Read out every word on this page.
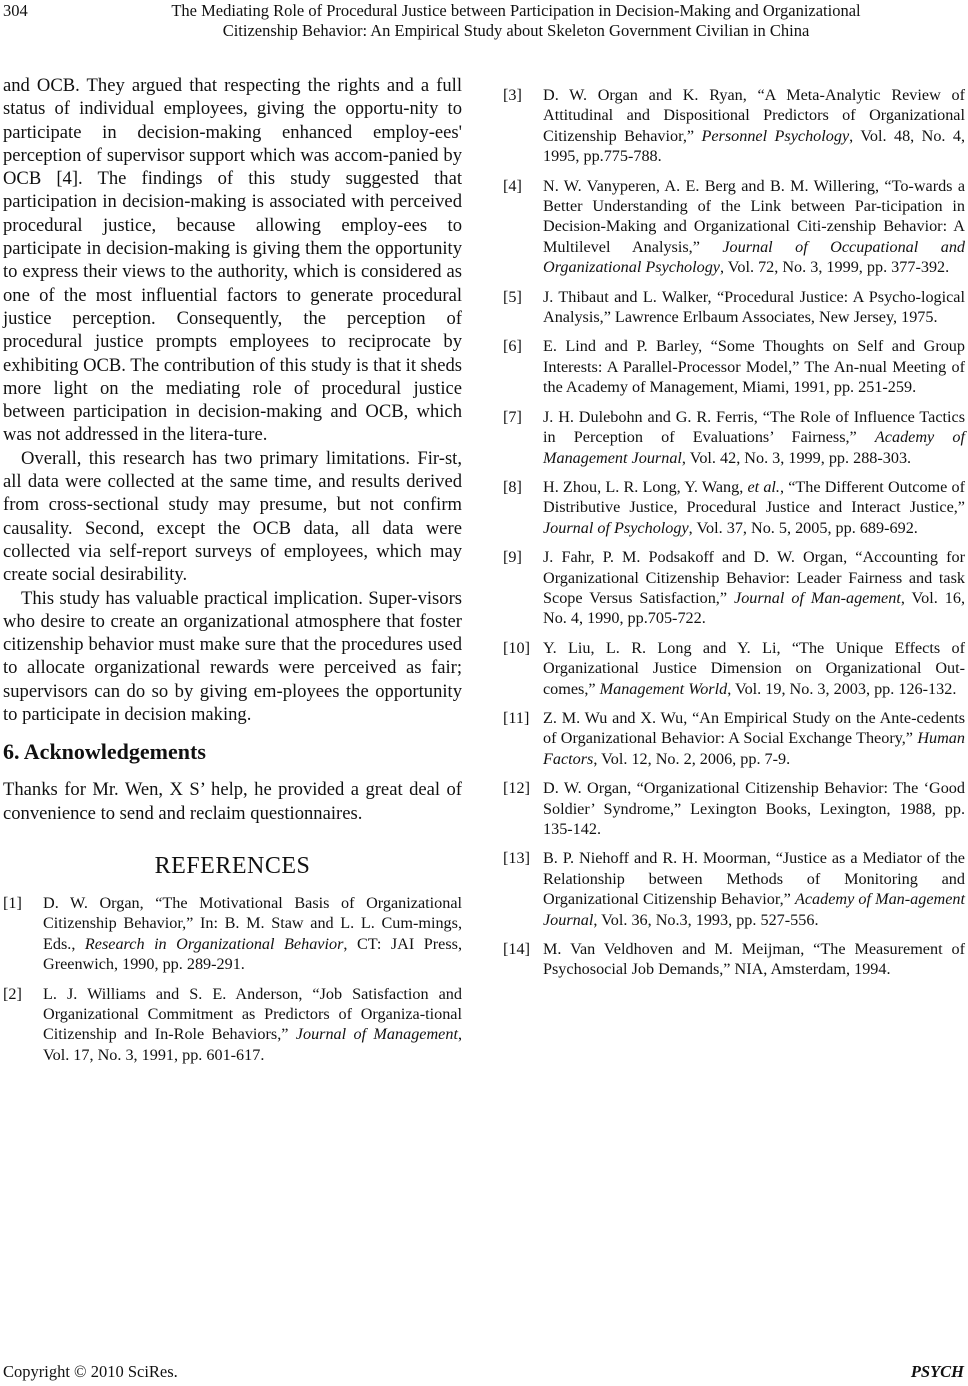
304	The Mediating Role of Procedural Justice between Participation in Decision-Making and Organizational
Citizenship Behavior: An Empirical Study about Skeleton Government Civilian in China

and OCB. They argued that respecting the rights and a full status of individual employees, giving the opportu-nity to participate in decision-making enhanced employ-ees' perception of supervisor support which was accom-panied by OCB [4]. The findings of this study suggested that participation in decision-making is associated with perceived procedural justice, because allowing employ-ees to participate in decision-making is giving them the opportunity to express their views to the authority, which is considered as one of the most influential factors to generate procedural justice perception. Consequently, the perception of procedural justice prompts employees to reciprocate by exhibiting OCB. The contribution of this study is that it sheds more light on the mediating role of procedural justice between participation in decision-making and OCB, which was not addressed in the litera-ture.

Overall, this research has two primary limitations. Fir-st, all data were collected at the same time, and results derived from cross-sectional study may presume, but not confirm causality. Second, except the OCB data, all data were collected via self-report surveys of employees, which may create social desirability.

This study has valuable practical implication. Super-visors who desire to create an organizational atmosphere that foster citizenship behavior must make sure that the procedures used to allocate organizational rewards were perceived as fair; supervisors can do so by giving em-ployees the opportunity to participate in decision making.

6. Acknowledgements

Thanks for Mr. Wen, X S’ help, he provided a great deal of convenience to send and reclaim questionnaires.

REFERENCES
[1] D. W. Organ, “The Motivational Basis of Organizational Citizenship Behavior,” In: B. M. Staw and L. L. Cum-mings, Eds., Research in Organizational Behavior, CT: JAI Press, Greenwich, 1990, pp. 289-291.
[2] L. J. Williams and S. E. Anderson, “Job Satisfaction and Organizational Commitment as Predictors of Organiza-tional Citizenship and In-Role Behaviors,” Journal of Management, Vol. 17, No. 3, 1991, pp. 601-617.
[3] D. W. Organ and K. Ryan, “A Meta-Analytic Review of Attitudinal and Dispositional Predictors of Organizational Citizenship Behavior,” Personnel Psychology, Vol. 48, No. 4, 1995, pp.775-788.
[4] N. W. Vanyperen, A. E. Berg and B. M. Willering, “To-wards a Better Understanding of the Link between Par-ticipation in Decision-Making and Organizational Citi-zenship Behavior: A Multilevel Analysis,” Journal of Occupational and Organizational Psychology, Vol. 72, No. 3, 1999, pp. 377-392.
[5] J. Thibaut and L. Walker, “Procedural Justice: A Psycho-logical Analysis,” Lawrence Erlbaum Associates, New Jersey, 1975.
[6] E. Lind and P. Barley, “Some Thoughts on Self and Group Interests: A Parallel-Processor Model,” The An-nual Meeting of the Academy of Management, Miami, 1991, pp. 251-259.
[7] J. H. Dulebohn and G. R. Ferris, “The Role of Influence Tactics in Perception of Evaluations’ Fairness,” Academy of Management Journal, Vol. 42, No. 3, 1999, pp. 288-303.
[8] H. Zhou, L. R. Long, Y. Wang, et al., “The Different Outcome of Distributive Justice, Procedural Justice and Interact Justice,” Journal of Psychology, Vol. 37, No. 5, 2005, pp. 689-692.
[9] J. Fahr, P. M. Podsakoff and D. W. Organ, “Accounting for Organizational Citizenship Behavior: Leader Fairness and task Scope Versus Satisfaction,” Journal of Man-agement, Vol. 16, No. 4, 1990, pp.705-722.
[10] Y. Liu, L. R. Long and Y. Li, “The Unique Effects of Organizational Justice Dimension on Organizational Out-comes,” Management World, Vol. 19, No. 3, 2003, pp. 126-132.
[11] Z. M. Wu and X. Wu, “An Empirical Study on the Ante-cedents of Organizational Behavior: A Social Exchange Theory,” Human Factors, Vol. 12, No. 2, 2006, pp. 7-9.
[12] D. W. Organ, “Organizational Citizenship Behavior: The ‘Good Soldier’ Syndrome,” Lexington Books, Lexington, 1988, pp. 135-142.
[13] B. P. Niehoff and R. H. Moorman, “Justice as a Mediator of the Relationship between Methods of Monitoring and Organizational Citizenship Behavior,” Academy of Man-agement Journal, Vol. 36, No.3, 1993, pp. 527-556.
[14] M. Van Veldhoven and M. Meijman, “The Measurement of Psychosocial Job Demands,” NIA, Amsterdam, 1994.
Copyright © 2010 SciRes.	PSYCH
